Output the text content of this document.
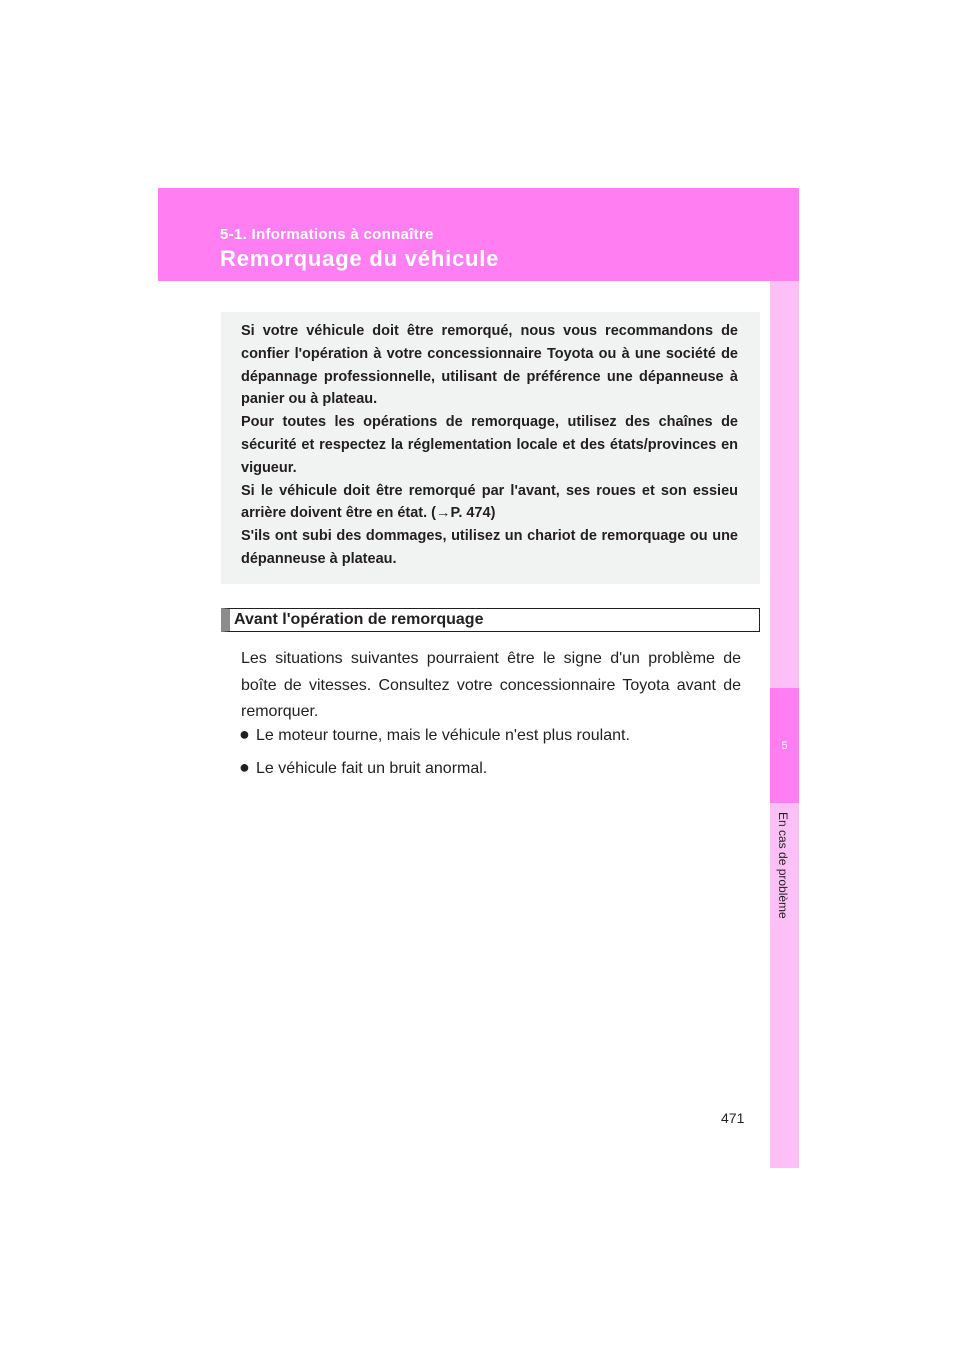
5-1. Informations à connaître
Remorquage du véhicule
5
En cas de problème

Si votre véhicule doit être remorqué, nous vous recommandons de confier l'opération à votre concessionnaire Toyota ou à une société de dépannage professionnelle, utilisant de préférence une dépanneuse à panier ou à plateau.

Pour toutes les opérations de remorquage, utilisez des chaînes de sécurité et respectez la réglementation locale et des états/provinces en vigueur.

Si le véhicule doit être remorqué par l'avant, ses roues et son essieu arrière doivent être en état. (→P. 474)

S'ils ont subi des dommages, utilisez un chariot de remorquage ou une dépanneuse à plateau.

Avant l'opération de remorquage

Les situations suivantes pourraient être le signe d'un problème de boîte de vitesses. Consultez votre concessionnaire Toyota avant de remorquer.

● Le moteur tourne, mais le véhicule n'est plus roulant.
● Le véhicule fait un bruit anormal.
471
